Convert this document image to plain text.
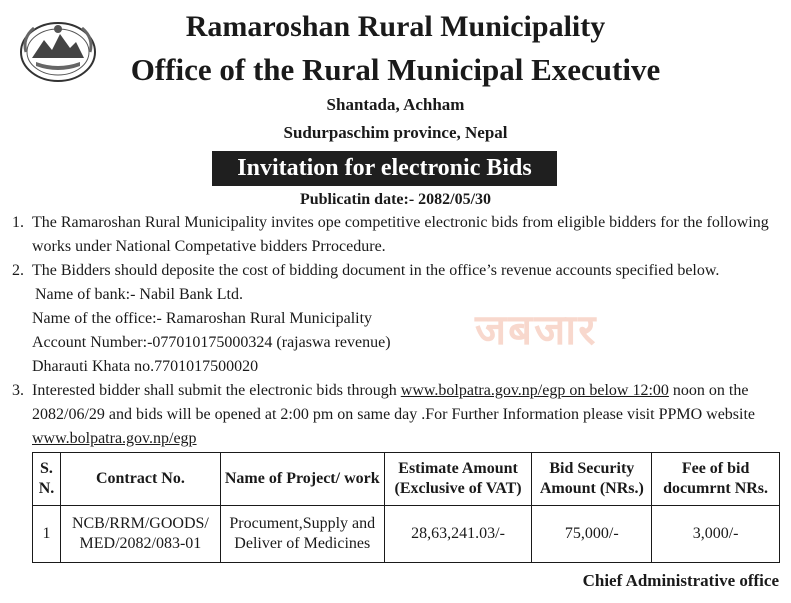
Ramaroshan Rural Municipality
Office of the Rural Municipal Executive
Shantada, Achham
Sudurpaschim province, Nepal
Invitation for electronic Bids
Publicatin date:- 2082/05/30
जबजार
1. The Ramaroshan Rural Municipality invites ope competitive electronic bids from eligible bidders for the following works under National Competative bidders Prrocedure.
2. The Bidders should deposite the cost of bidding document in the office’s revenue accounts specified below.
Name of bank:- Nabil Bank Ltd.
Name of the office:- Ramaroshan Rural Municipality
Account Number:-077010175000324 (rajaswa revenue)
Dharauti Khata no.7701017500020
3. Interested bidder shall submit the electronic bids through www.bolpatra.gov.np/egp on below 12:00 noon on the 2082/06/29 and bids will be opened at 2:00 pm on same day .For Further Information please visit PPMO website www.bolpatra.gov.np/egp
S. N.	Contract No.	Name of Project/ work	Estimate Amount (Exclusive of VAT)	Bid Security Amount (NRs.)	Fee of bid documrnt NRs.
1	NCB/RRM/GOODS/ MED/2082/083-01	Procument,Supply and Deliver of Medicines	28,63,241.03/-	75,000/-	3,000/-
Chief Administrative office
